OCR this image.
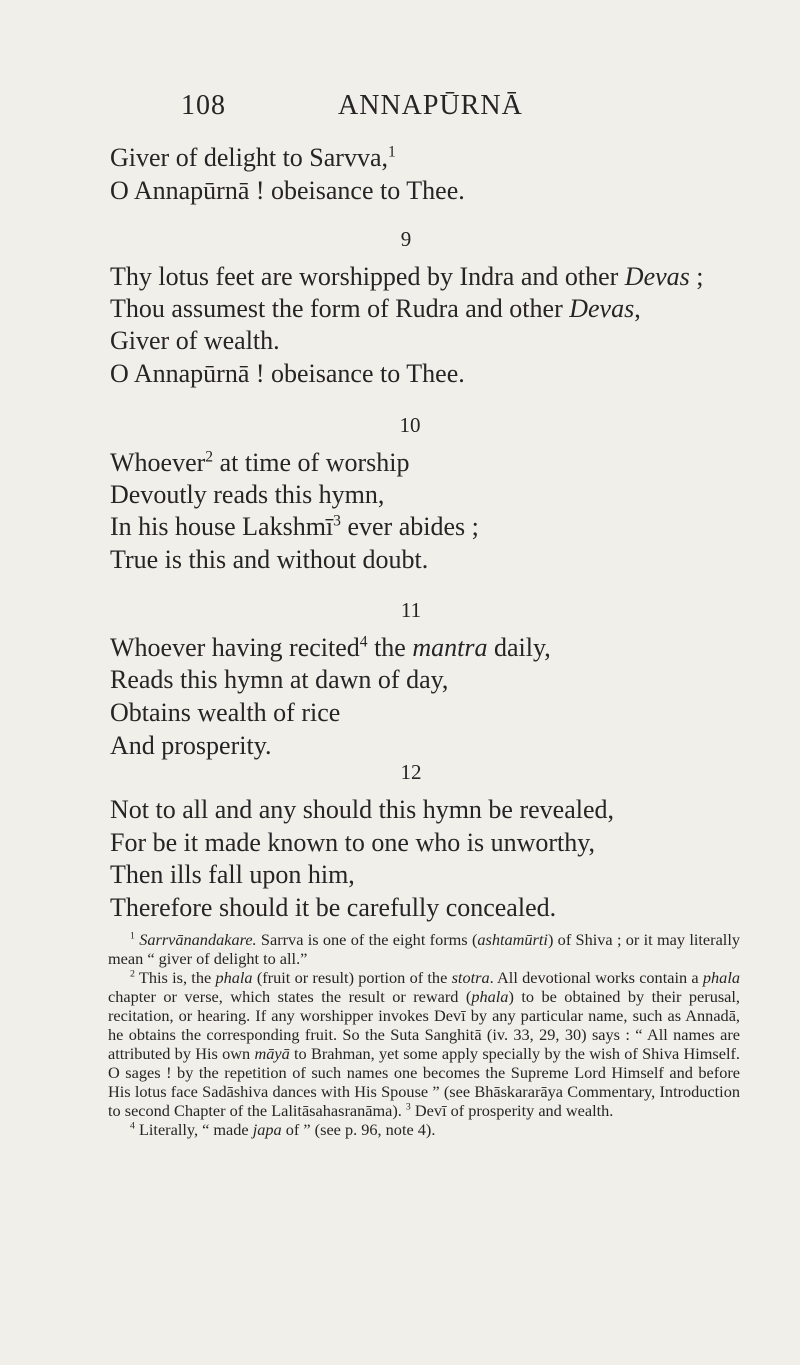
108	ANNAPŪRNĀ
Giver of delight to Sarvva,$^1$
O Annapūrnā ! obeisance to Thee.
9
Thy lotus feet are worshipped by Indra and other Devas ;
Thou assumest the form of Rudra and other Devas,
Giver of wealth.
O Annapūrnā ! obeisance to Thee.
10
Whoever$^2$ at time of worship
Devoutly reads this hymn,
In his house Lakshmī$^3$ ever abides ;
True is this and without doubt.
11
Whoever having recited$^4$ the mantra daily,
Reads this hymn at dawn of day,
Obtains wealth of rice
And prosperity.
12
Not to all and any should this hymn be revealed,
For be it made known to one who is unworthy,
Then ills fall upon him,
Therefore should it be carefully concealed.

$^1$ Sarrvānandakare. Sarrva is one of the eight forms (ashtamūrti) of Shiva ; or it may literally mean “ giver of delight to all.”

$^2$ This is, the phala (fruit or result) portion of the stotra. All devotional works contain a phala chapter or verse, which states the result or reward (phala) to be obtained by their perusal, recitation, or hearing. If any worshipper invokes Devī by any particular name, such as Annadā, he obtains the corresponding fruit. So the Suta Sanghitā (iv. 33, 29, 30) says : “ All names are attributed by His own māyā to Brahman, yet some apply specially by the wish of Shiva Himself. O sages ! by the repetition of such names one becomes the Supreme Lord Himself and before His lotus face Sadāshiva dances with His Spouse ” (see Bhāskararāya Commentary, Introduction to second Chapter of the Lalitāsahasranāma). $^3$ Devī of prosperity and wealth.

$^4$ Literally, “ made japa of ” (see p. 96, note 4).
